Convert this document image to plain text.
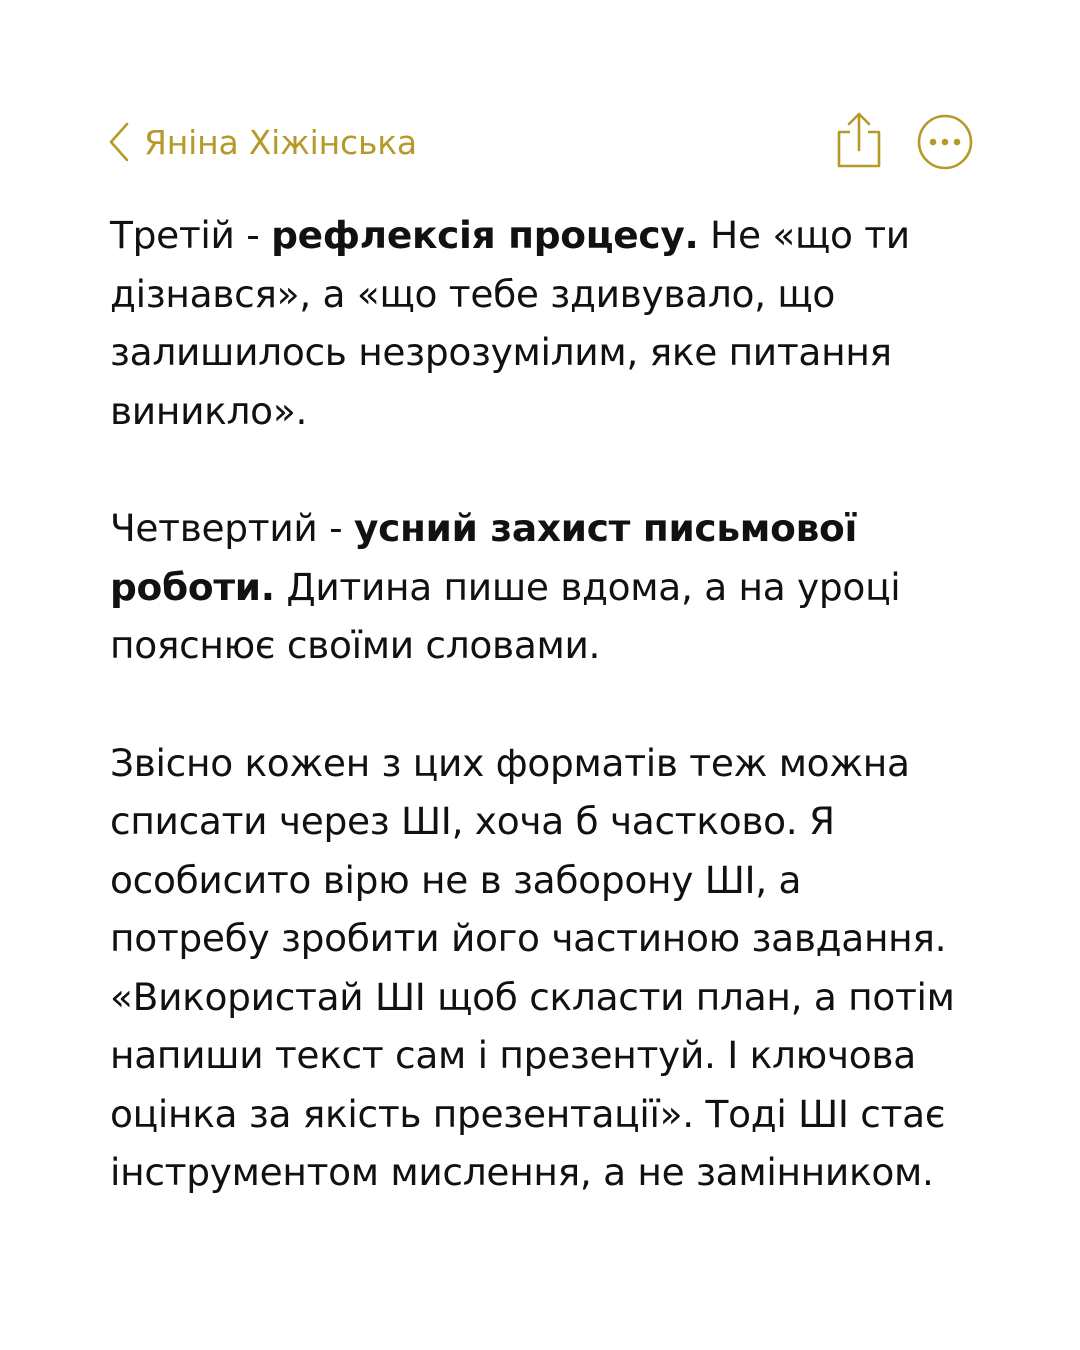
Яніна Хіжінська

Третій - рефлексія процесу. Не «що ти
дізнався», а «що тебе здивувало, що
залишилось незрозумілим, яке питання
виникло».

Четвертий - усний захист письмової
роботи. Дитина пише вдома, а на уроці
пояснює своїми словами.

Звісно кожен з цих форматів теж можна
списати через ШІ, хоча б частково. Я
особисито вірю не в заборону ШІ, а
потребу зробити його частиною завдання.
«Використай ШІ щоб скласти план, а потім
напиши текст сам і презентуй. І ключова
оцінка за якість презентації». Тоді ШІ стає
інструментом мислення, а не замінником.
